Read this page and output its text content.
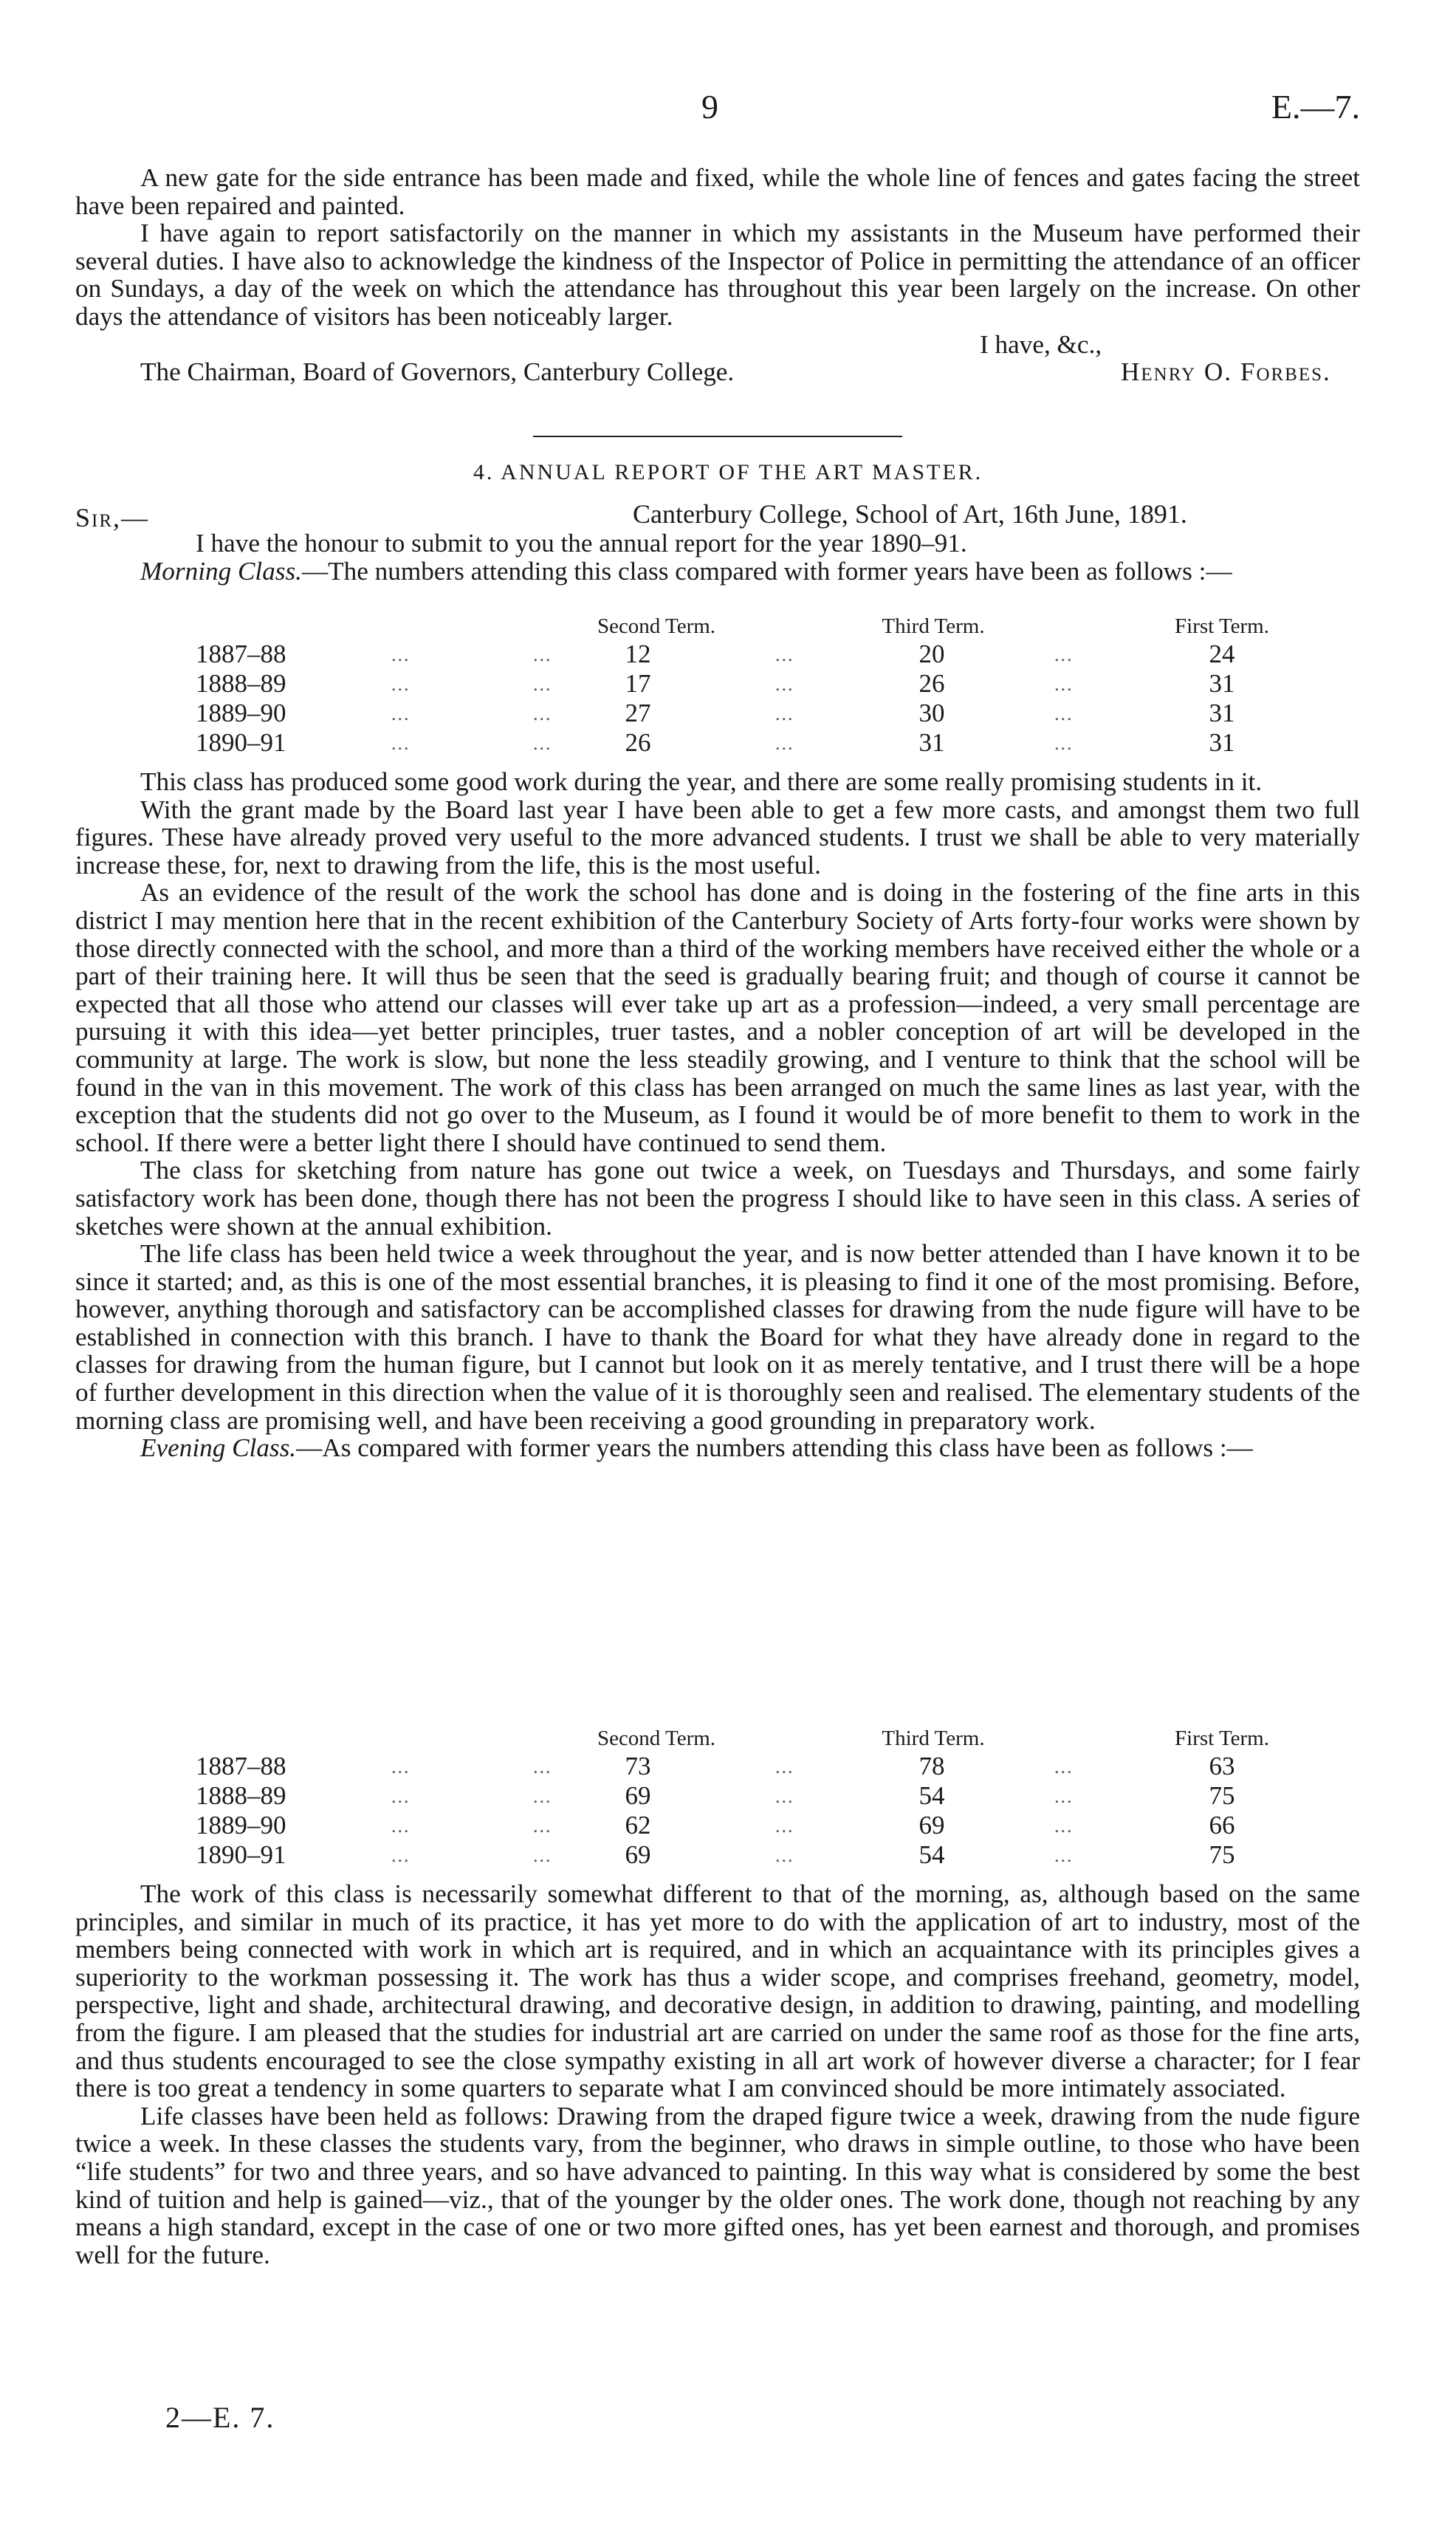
9	E.—7.

A new gate for the side entrance has been made and fixed, while the whole line of fences and gates facing the street have been repaired and painted.

I have again to report satisfactorily on the manner in which my assistants in the Museum have performed their several duties. I have also to acknowledge the kindness of the Inspector of Police in permitting the attendance of an officer on Sundays, a day of the week on which the attendance has throughout this year been largely on the increase. On other days the attendance of visitors has been noticeably larger.

I have, &c.,
The Chairman, Board of Governors, Canterbury College.	Henry O. Forbes.
4. ANNUAL REPORT OF THE ART MASTER.
Sir,—	Canterbury College, School of Art, 16th June, 1891.

I have the honour to submit to you the annual report for the year 1890–91.

Morning Class.—The numbers attending this class compared with former years have been as follows :—

Second Term.	Third Term.	First Term.
1887–88	...	...	12	...	20	...	24
1888–89	...	...	17	...	26	...	31
1889–90	...	...	27	...	30	...	31
1890–91	...	...	26	...	31	...	31

This class has produced some good work during the year, and there are some really promising students in it.

With the grant made by the Board last year I have been able to get a few more casts, and amongst them two full figures. These have already proved very useful to the more advanced students. I trust we shall be able to very materially increase these, for, next to drawing from the life, this is the most useful.

As an evidence of the result of the work the school has done and is doing in the fostering of the fine arts in this district I may mention here that in the recent exhibition of the Canterbury Society of Arts forty-four works were shown by those directly connected with the school, and more than a third of the working members have received either the whole or a part of their training here. It will thus be seen that the seed is gradually bearing fruit; and though of course it cannot be expected that all those who attend our classes will ever take up art as a profession—indeed, a very small percentage are pursuing it with this idea—yet better principles, truer tastes, and a nobler conception of art will be developed in the community at large. The work is slow, but none the less steadily growing, and I venture to think that the school will be found in the van in this movement. The work of this class has been arranged on much the same lines as last year, with the exception that the students did not go over to the Museum, as I found it would be of more benefit to them to work in the school. If there were a better light there I should have continued to send them.

The class for sketching from nature has gone out twice a week, on Tuesdays and Thursdays, and some fairly satisfactory work has been done, though there has not been the progress I should like to have seen in this class. A series of sketches were shown at the annual exhibition.

The life class has been held twice a week throughout the year, and is now better attended than I have known it to be since it started; and, as this is one of the most essential branches, it is pleasing to find it one of the most promising. Before, however, anything thorough and satisfactory can be accomplished classes for drawing from the nude figure will have to be established in connection with this branch. I have to thank the Board for what they have already done in regard to the classes for drawing from the human figure, but I cannot but look on it as merely tentative, and I trust there will be a hope of further development in this direction when the value of it is thoroughly seen and realised. The elementary students of the morning class are promising well, and have been receiving a good grounding in preparatory work.

Evening Class.—As compared with former years the numbers attending this class have been as follows :—

Second Term.	Third Term.	First Term.
1887–88	...	...	73	...	78	...	63
1888–89	...	...	69	...	54	...	75
1889–90	...	...	62	...	69	...	66
1890–91	...	...	69	...	54	...	75

The work of this class is necessarily somewhat different to that of the morning, as, although based on the same principles, and similar in much of its practice, it has yet more to do with the application of art to industry, most of the members being connected with work in which art is required, and in which an acquaintance with its principles gives a superiority to the workman possessing it. The work has thus a wider scope, and comprises freehand, geometry, model, perspective, light and shade, architectural drawing, and decorative design, in addition to drawing, painting, and modelling from the figure. I am pleased that the studies for industrial art are carried on under the same roof as those for the fine arts, and thus students encouraged to see the close sympathy existing in all art work of however diverse a character; for I fear there is too great a tendency in some quarters to separate what I am convinced should be more intimately associated.

Life classes have been held as follows: Drawing from the draped figure twice a week, drawing from the nude figure twice a week. In these classes the students vary, from the beginner, who draws in simple outline, to those who have been “life students” for two and three years, and so have advanced to painting. In this way what is considered by some the best kind of tuition and help is gained—viz., that of the younger by the older ones. The work done, though not reaching by any means a high standard, except in the case of one or two more gifted ones, has yet been earnest and thorough, and promises well for the future.

2—E. 7.
